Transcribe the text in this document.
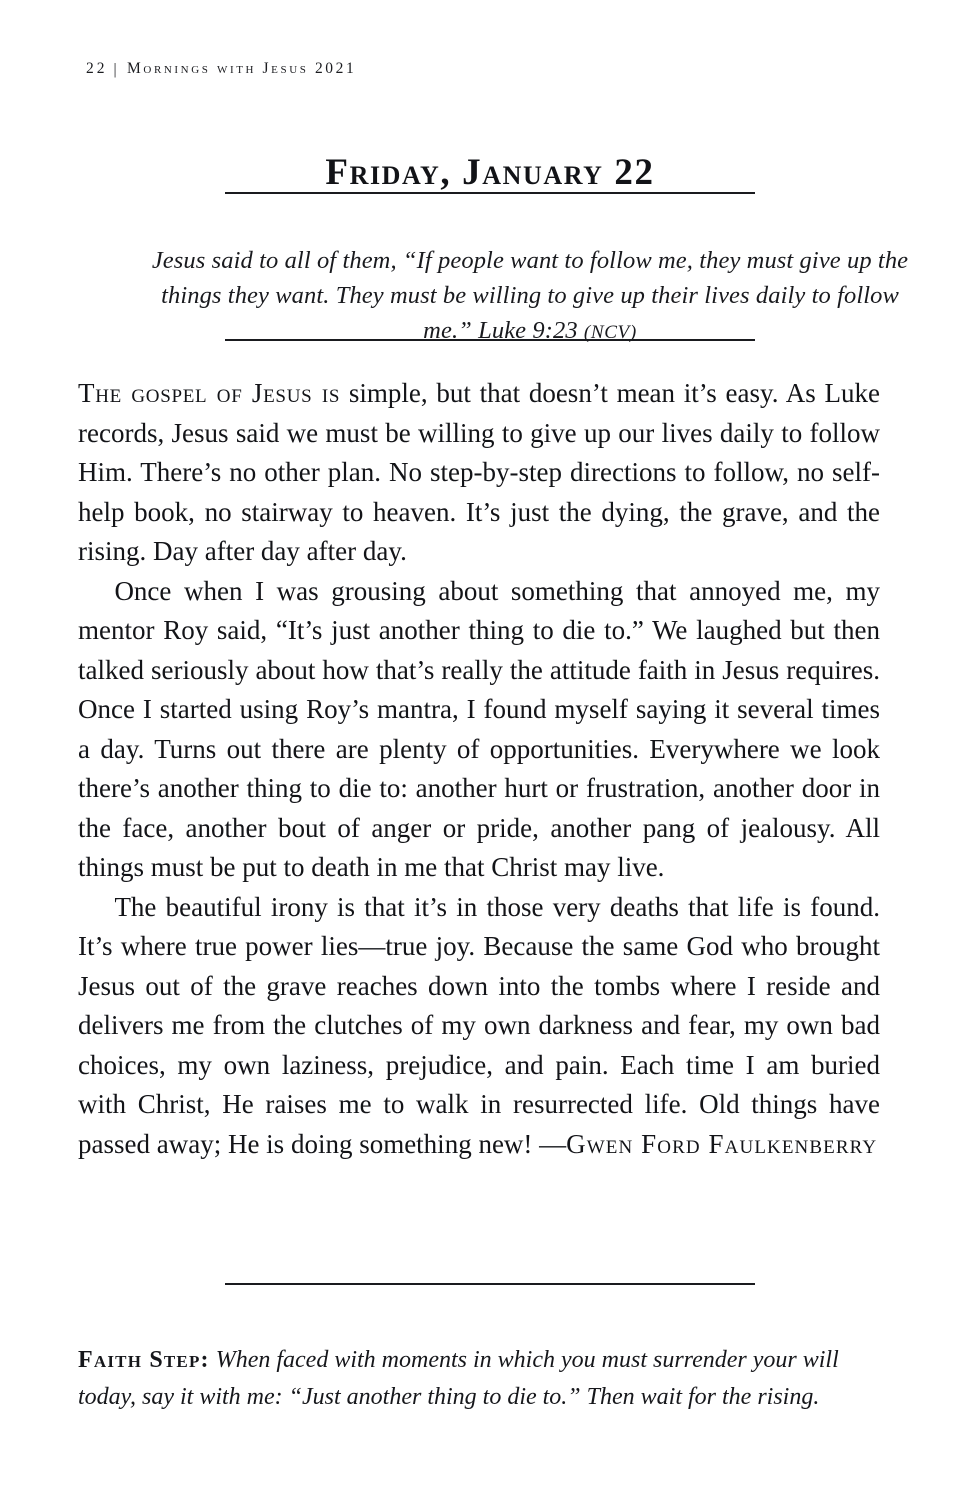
22 | Mornings with Jesus 2021
Friday, January 22
Jesus said to all of them, “If people want to follow me, they must give up the things they want. They must be willing to give up their lives daily to follow me.” Luke 9:23 (NCV)

The gospel of Jesus is simple, but that doesn’t mean it’s easy. As Luke records, Jesus said we must be willing to give up our lives daily to follow Him. There’s no other plan. No step-by-step directions to follow, no self-help book, no stairway to heaven. It’s just the dying, the grave, and the rising. Day after day after day.

Once when I was grousing about something that annoyed me, my mentor Roy said, “It’s just another thing to die to.” We laughed but then talked seriously about how that’s really the attitude faith in Jesus requires. Once I started using Roy’s mantra, I found myself saying it several times a day. Turns out there are plenty of opportunities. Everywhere we look there’s another thing to die to: another hurt or frustration, another door in the face, another bout of anger or pride, another pang of jealousy. All things must be put to death in me that Christ may live.

The beautiful irony is that it’s in those very deaths that life is found. It’s where true power lies—true joy. Because the same God who brought Jesus out of the grave reaches down into the tombs where I reside and delivers me from the clutches of my own darkness and fear, my own bad choices, my own laziness, prejudice, and pain. Each time I am buried with Christ, He raises me to walk in resurrected life. Old things have passed away; He is doing something new! —Gwen Ford Faulkenberry

Faith Step: When faced with moments in which you must surrender your will today, say it with me: “Just another thing to die to.” Then wait for the rising.
